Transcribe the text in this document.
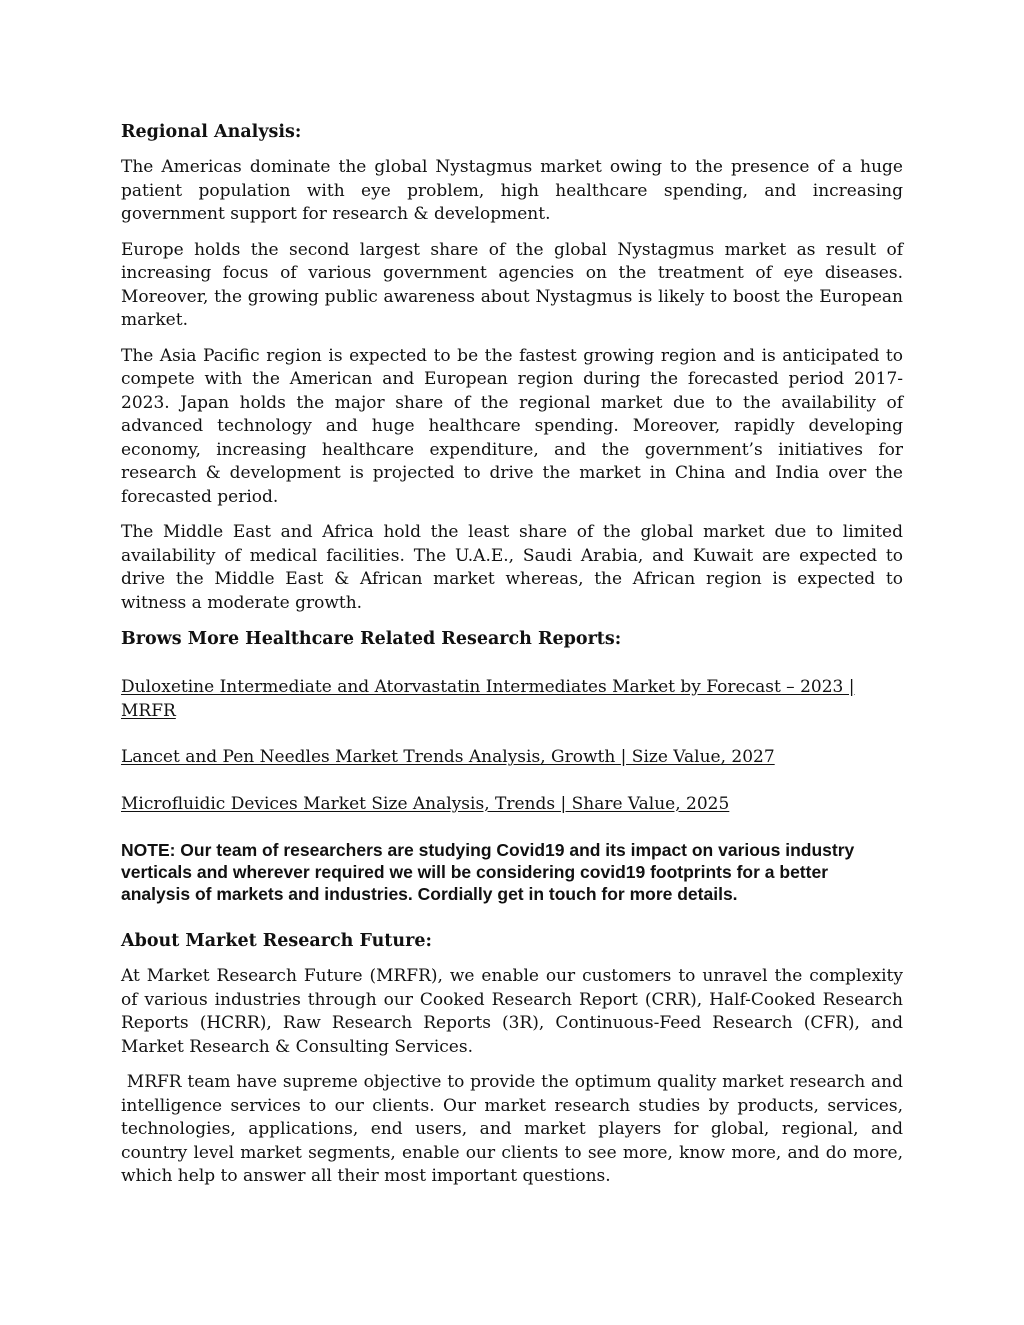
Regional Analysis:

The Americas dominate the global Nystagmus market owing to the presence of a huge patient population with eye problem, high healthcare spending, and increasing government support for research & development.

Europe holds the second largest share of the global Nystagmus market as result of increasing focus of various government agencies on the treatment of eye diseases. Moreover, the growing public awareness about Nystagmus is likely to boost the European market.

The Asia Pacific region is expected to be the fastest growing region and is anticipated to compete with the American and European region during the forecasted period 2017-2023. Japan holds the major share of the regional market due to the availability of advanced technology and huge healthcare spending. Moreover, rapidly developing economy, increasing healthcare expenditure, and the government’s initiatives for research & development is projected to drive the market in China and India over the forecasted period.

The Middle East and Africa hold the least share of the global market due to limited availability of medical facilities. The U.A.E., Saudi Arabia, and Kuwait are expected to drive the Middle East & African market whereas, the African region is expected to witness a moderate growth.

Brows More Healthcare Related Research Reports:
Duloxetine Intermediate and Atorvastatin Intermediates Market by Forecast – 2023 | MRFR
Lancet and Pen Needles Market Trends Analysis, Growth | Size Value, 2027
Microfluidic Devices Market Size Analysis, Trends | Share Value, 2025

NOTE: Our team of researchers are studying Covid19 and its impact on various industry verticals and wherever required we will be considering covid19 footprints for a better analysis of markets and industries. Cordially get in touch for more details.

About Market Research Future:

At Market Research Future (MRFR), we enable our customers to unravel the complexity of various industries through our Cooked Research Report (CRR), Half-Cooked Research Reports (HCRR), Raw Research Reports (3R), Continuous-Feed Research (CFR), and Market Research & Consulting Services.

MRFR team have supreme objective to provide the optimum quality market research and intelligence services to our clients. Our market research studies by products, services, technologies, applications, end users, and market players for global, regional, and country level market segments, enable our clients to see more, know more, and do more, which help to answer all their most important questions.
